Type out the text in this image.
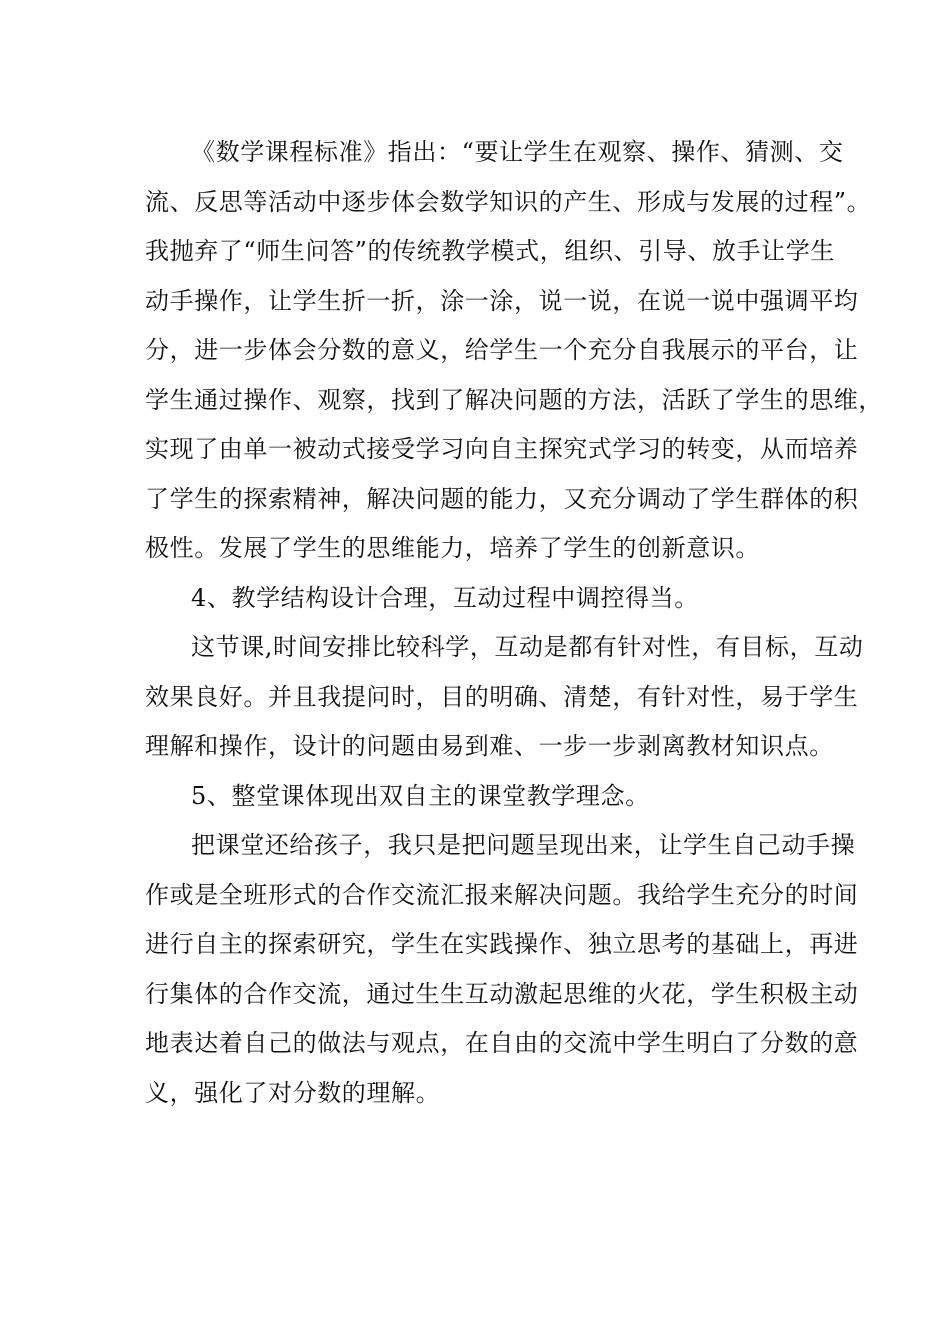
《数学课程标准》指出：“要让学生在观察、操作、猜测、交
流、反思等活动中逐步体会数学知识的产生、形成与发展的过程”。
我抛弃了“师生问答”的传统教学模式，组织、引导、放手让学生
动手操作，让学生折一折，涂一涂，说一说，在说一说中强调平均
分，进一步体会分数的意义，给学生一个充分自我展示的平台，让
学生通过操作、观察，找到了解决问题的方法，活跃了学生的思维，
实现了由单一被动式接受学习向自主探究式学习的转变，从而培养
了学生的探索精神，解决问题的能力，又充分调动了学生群体的积
极性。发展了学生的思维能力，培养了学生的创新意识。
4、教学结构设计合理，互动过程中调控得当。
这节课,时间安排比较科学，互动是都有针对性，有目标，互动
效果良好。并且我提问时，目的明确、清楚，有针对性，易于学生
理解和操作，设计的问题由易到难、一步一步剥离教材知识点。
5、整堂课体现出双自主的课堂教学理念。
把课堂还给孩子，我只是把问题呈现出来，让学生自己动手操
作或是全班形式的合作交流汇报来解决问题。我给学生充分的时间
进行自主的探索研究，学生在实践操作、独立思考的基础上，再进
行集体的合作交流，通过生生互动激起思维的火花，学生积极主动
地表达着自己的做法与观点，在自由的交流中学生明白了分数的意
义，强化了对分数的理解。
